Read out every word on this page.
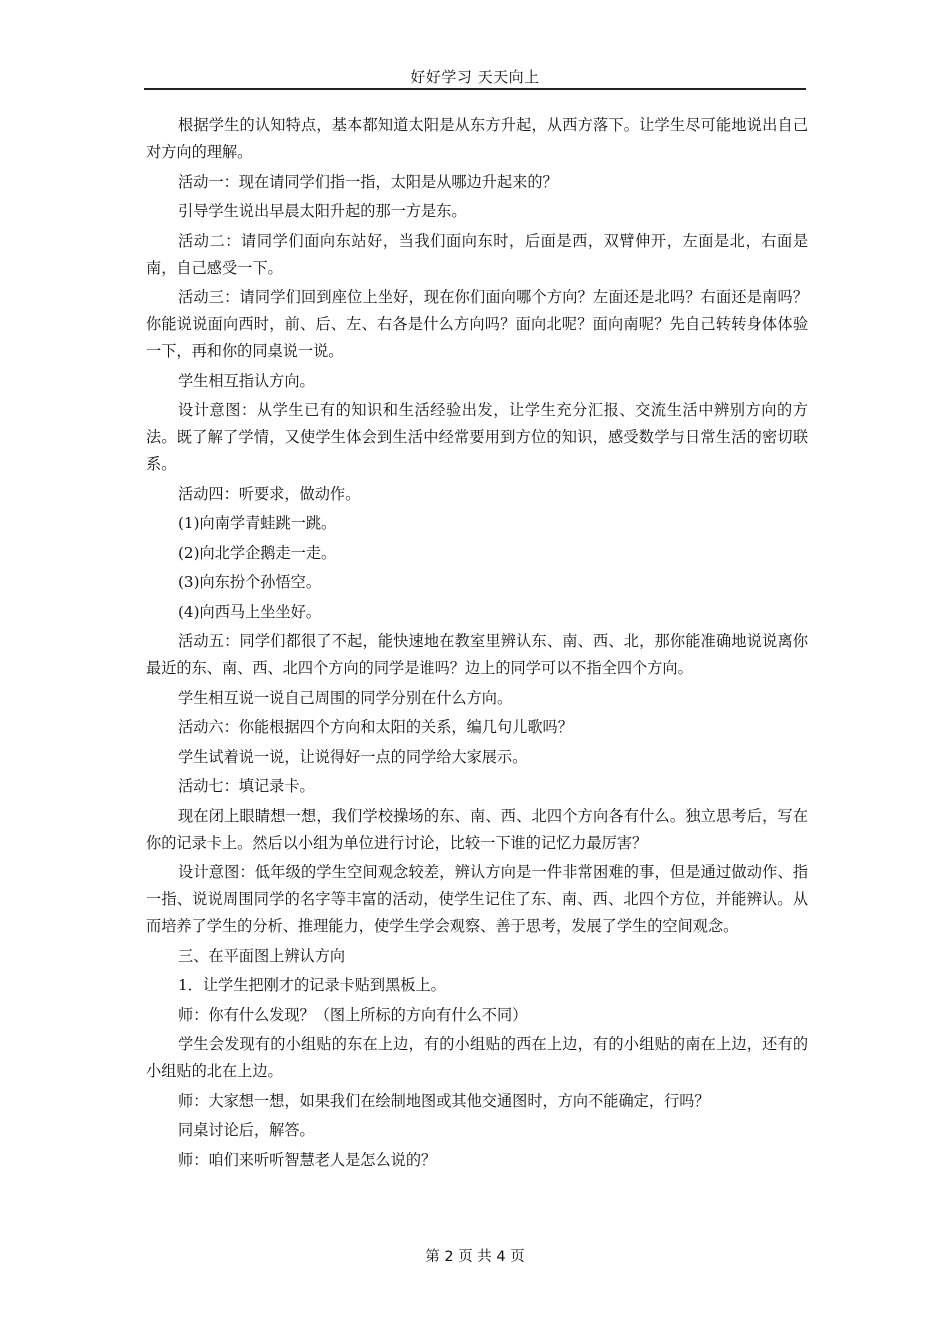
好好学习 天天向上

根据学生的认知特点，基本都知道太阳是从东方升起，从西方落下。让学生尽可能地说出自己对方向的理解。

活动一：现在请同学们指一指，太阳是从哪边升起来的？

引导学生说出早晨太阳升起的那一方是东。

活动二：请同学们面向东站好，当我们面向东时，后面是西，双臂伸开，左面是北，右面是南，自己感受一下。

活动三：请同学们回到座位上坐好，现在你们面向哪个方向？左面还是北吗？右面还是南吗？你能说说面向西时，前、后、左、右各是什么方向吗？面向北呢？面向南呢？先自己转转身体体验一下，再和你的同桌说一说。

学生相互指认方向。

设计意图：从学生已有的知识和生活经验出发，让学生充分汇报、交流生活中辨别方向的方法。既了解了学情，又使学生体会到生活中经常要用到方位的知识，感受数学与日常生活的密切联系。

活动四：听要求，做动作。

(1)向南学青蛙跳一跳。

(2)向北学企鹅走一走。

(3)向东扮个孙悟空。

(4)向西马上坐坐好。

活动五：同学们都很了不起，能快速地在教室里辨认东、南、西、北，那你能准确地说说离你最近的东、南、西、北四个方向的同学是谁吗？边上的同学可以不指全四个方向。

学生相互说一说自己周围的同学分别在什么方向。

活动六：你能根据四个方向和太阳的关系，编几句儿歌吗？

学生试着说一说，让说得好一点的同学给大家展示。

活动七：填记录卡。

现在闭上眼睛想一想，我们学校操场的东、南、西、北四个方向各有什么。独立思考后，写在你的记录卡上。然后以小组为单位进行讨论，比较一下谁的记忆力最厉害？

设计意图：低年级的学生空间观念较差，辨认方向是一件非常困难的事，但是通过做动作、指一指、说说周围同学的名字等丰富的活动，使学生记住了东、南、西、北四个方位，并能辨认。从而培养了学生的分析、推理能力，使学生学会观察、善于思考，发展了学生的空间观念。

三、在平面图上辨认方向

1．让学生把刚才的记录卡贴到黑板上。

师：你有什么发现？（图上所标的方向有什么不同）

学生会发现有的小组贴的东在上边，有的小组贴的西在上边，有的小组贴的南在上边，还有的小组贴的北在上边。

师：大家想一想，如果我们在绘制地图或其他交通图时，方向不能确定，行吗？

同桌讨论后，解答。

师：咱们来听听智慧老人是怎么说的？

第 2 页 共 4 页
